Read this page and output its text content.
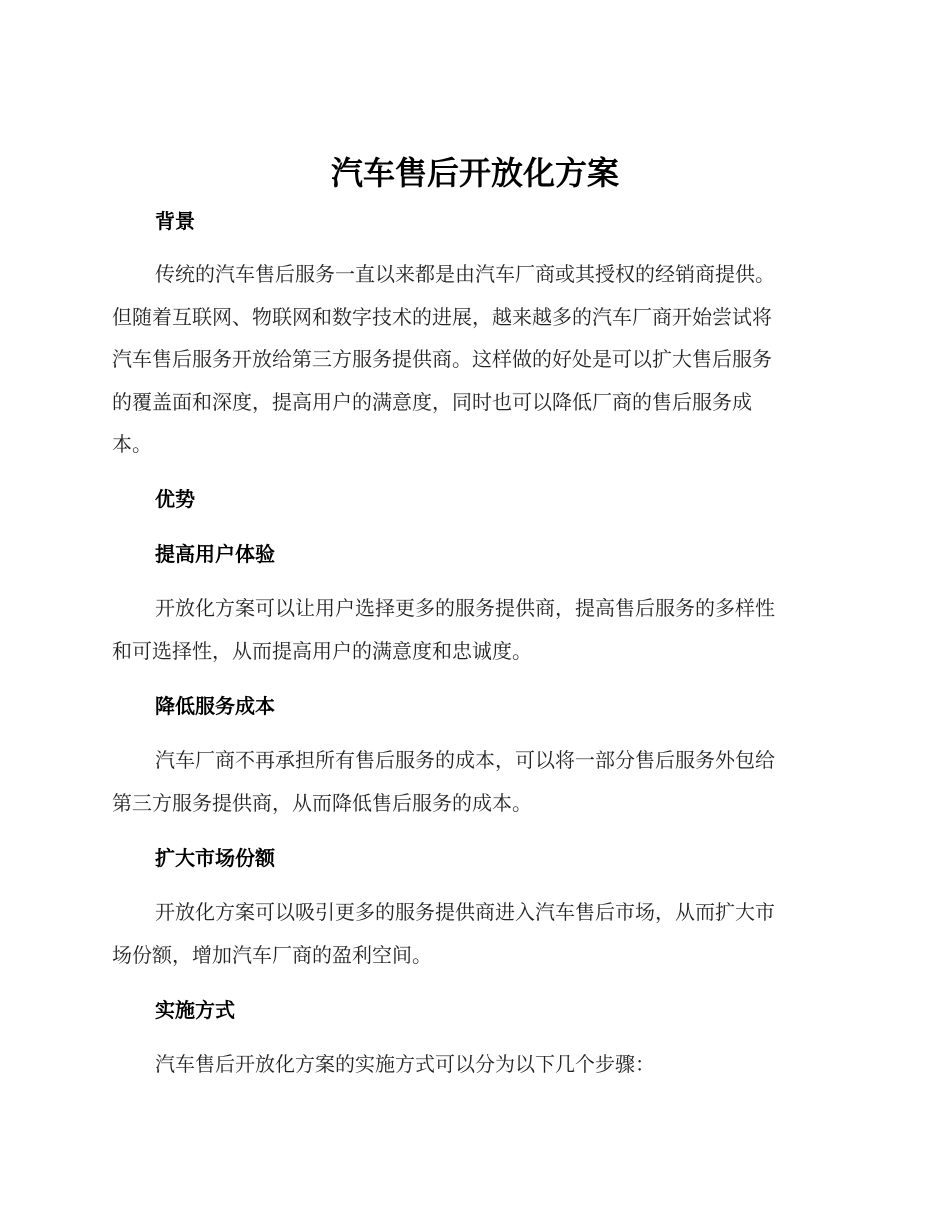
汽车售后开放化方案
背景

传统的汽车售后服务一直以来都是由汽车厂商或其授权的经销商提供。
但随着互联网、物联网和数字技术的进展，越来越多的汽车厂商开始尝试将
汽车售后服务开放给第三方服务提供商。这样做的好处是可以扩大售后服务
的覆盖面和深度，提高用户的满意度，同时也可以降低厂商的售后服务成
本。

优势
提高用户体验

开放化方案可以让用户选择更多的服务提供商，提高售后服务的多样性
和可选择性，从而提高用户的满意度和忠诚度。

降低服务成本

汽车厂商不再承担所有售后服务的成本，可以将一部分售后服务外包给
第三方服务提供商，从而降低售后服务的成本。

扩大市场份额

开放化方案可以吸引更多的服务提供商进入汽车售后市场，从而扩大市
场份额，增加汽车厂商的盈利空间。

实施方式

汽车售后开放化方案的实施方式可以分为以下几个步骤：
